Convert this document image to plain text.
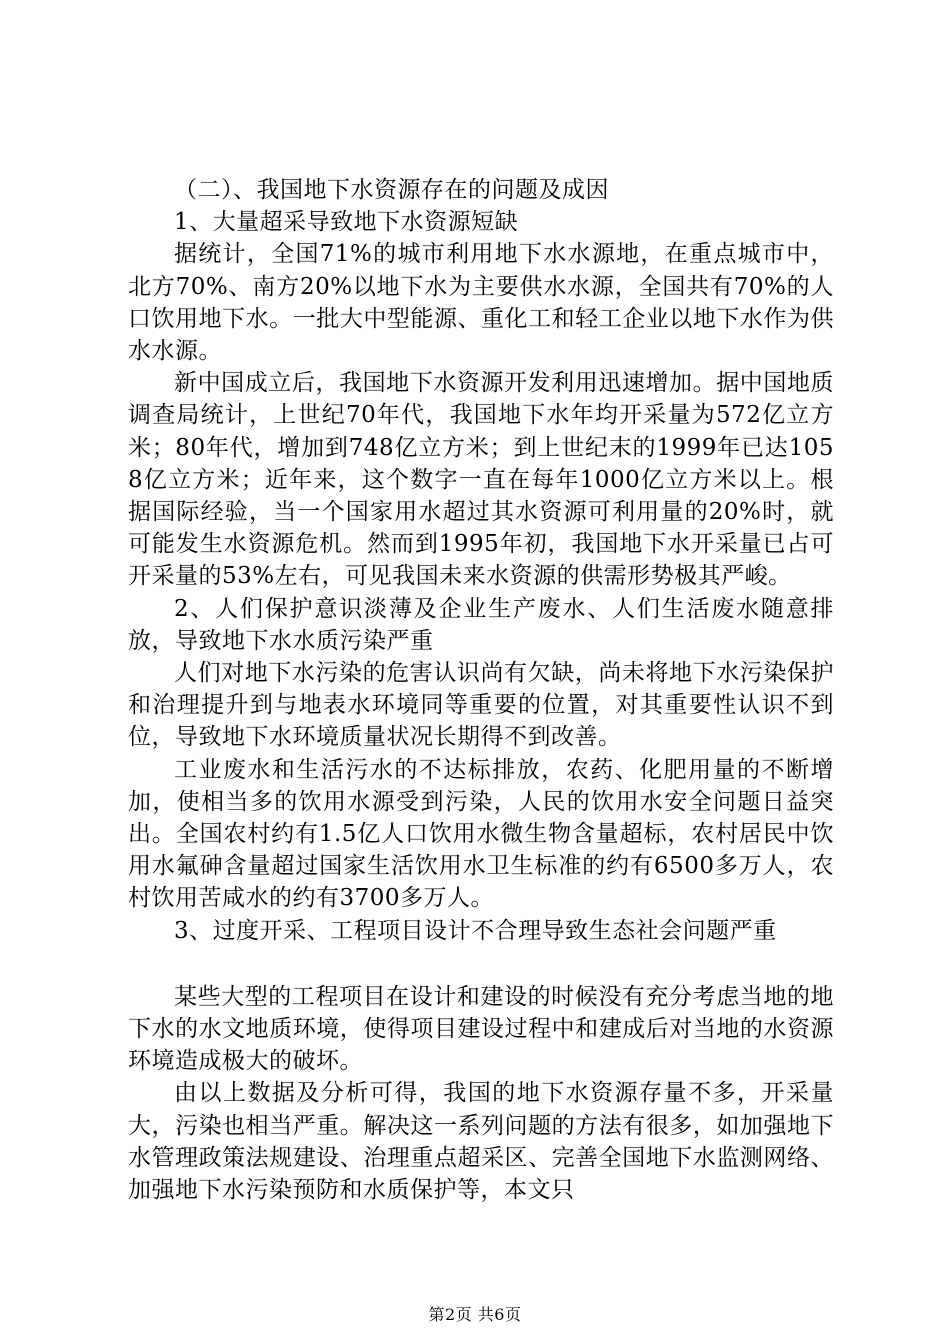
（二）、我国地下水资源存在的问题及成因

1、大量超采导致地下水资源短缺

据统计，全国71%的城市利用地下水水源地，在重点城市中，北方70%、南方20%以地下水为主要供水水源，全国共有70%的人口饮用地下水。一批大中型能源、重化工和轻工企业以地下水作为供水水源。

新中国成立后，我国地下水资源开发利用迅速增加。据中国地质调查局统计，上世纪70年代，我国地下水年均开采量为572亿立方米；80年代，增加到748亿立方米；到上世纪末的1999年已达1058亿立方米；近年来，这个数字一直在每年1000亿立方米以上。根据国际经验，当一个国家用水超过其水资源可利用量的20%时，就可能发生水资源危机。然而到1995年初，我国地下水开采量已占可开采量的53%左右，可见我国未来水资源的供需形势极其严峻。

2、人们保护意识淡薄及企业生产废水、人们生活废水随意排放，导致地下水水质污染严重

人们对地下水污染的危害认识尚有欠缺，尚未将地下水污染保护和治理提升到与地表水环境同等重要的位置，对其重要性认识不到位，导致地下水环境质量状况长期得不到改善。

工业废水和生活污水的不达标排放，农药、化肥用量的不断增加，使相当多的饮用水源受到污染，人民的饮用水安全问题日益突出。全国农村约有1.5亿人口饮用水微生物含量超标，农村居民中饮用水氟砷含量超过国家生活饮用水卫生标准的约有6500多万人，农村饮用苦咸水的约有3700多万人。

3、过度开采、工程项目设计不合理导致生态社会问题严重

某些大型的工程项目在设计和建设的时候没有充分考虑当地的地下水的水文地质环境，使得项目建设过程中和建成后对当地的水资源环境造成极大的破坏。

由以上数据及分析可得，我国的地下水资源存量不多，开采量大，污染也相当严重。解决这一系列问题的方法有很多，如加强地下水管理政策法规建设、治理重点超采区、完善全国地下水监测网络、加强地下水污染预防和水质保护等，本文只

第2页 共6页
